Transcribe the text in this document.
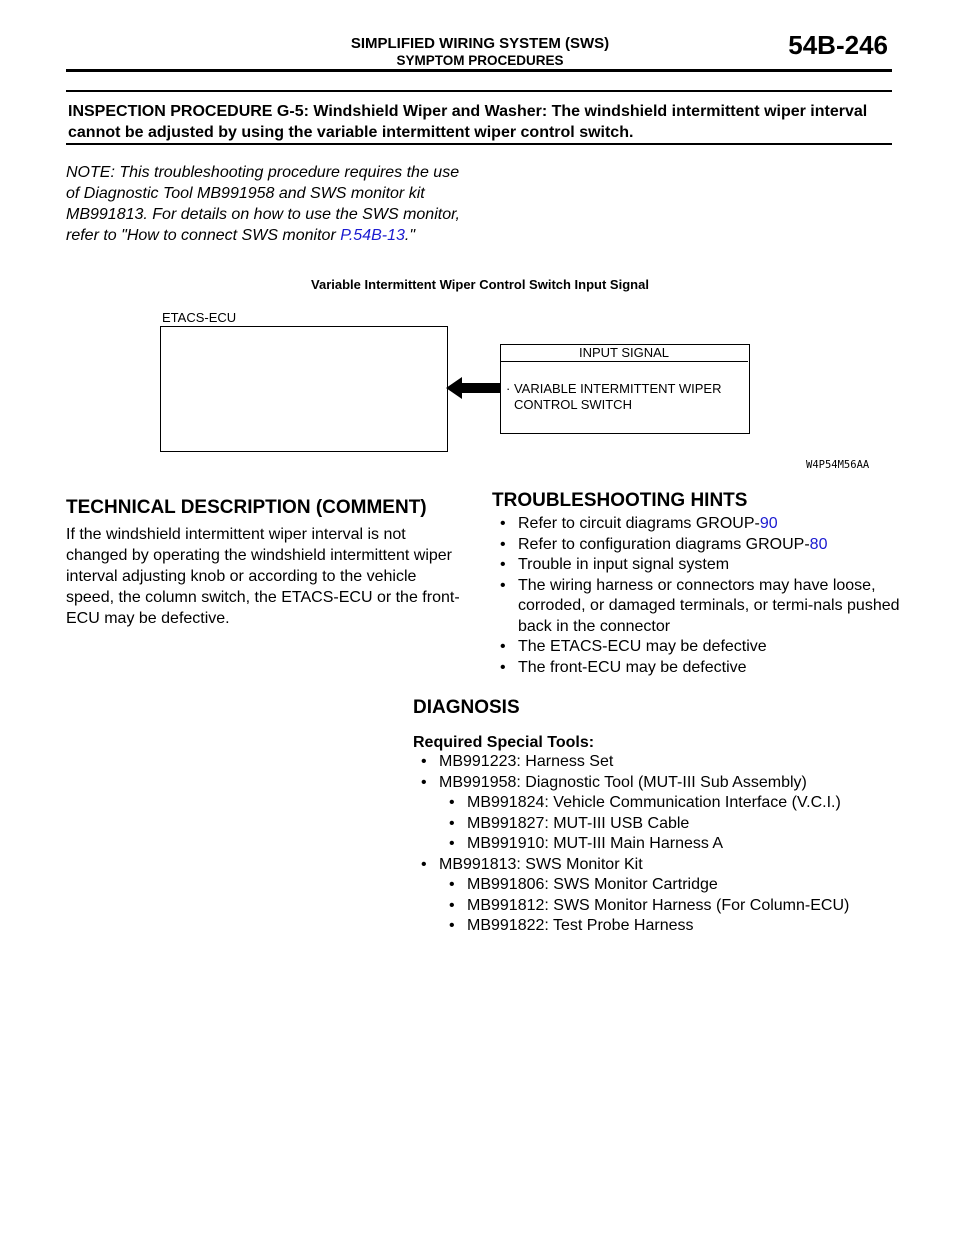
SIMPLIFIED WIRING SYSTEM (SWS)
SYMPTOM PROCEDURES
54B-246
INSPECTION PROCEDURE G-5: Windshield Wiper and Washer: The windshield intermittent wiper interval cannot be adjusted by using the variable intermittent wiper control switch.
NOTE: This troubleshooting procedure requires the use of Diagnostic Tool MB991958 and SWS monitor kit MB991813. For details on how to use the SWS monitor, refer to "How to connect SWS monitor P.54B-13."
Variable Intermittent Wiper Control Switch Input Signal
ETACS-ECU
INPUT SIGNAL
· VARIABLE INTERMITTENT WIPER
CONTROL SWITCH
W4P54M56AA
TECHNICAL DESCRIPTION (COMMENT)
If the windshield intermittent wiper interval is not changed by operating the windshield intermittent wiper interval adjusting knob or according to the vehicle speed, the column switch, the ETACS-ECU or the front-ECU may be defective.
TROUBLESHOOTING HINTS
• Refer to circuit diagrams GROUP-90
• Refer to configuration diagrams GROUP-80
• Trouble in input signal system
• The wiring harness or connectors may have loose, corroded, or damaged terminals, or termi-nals pushed back in the connector
• The ETACS-ECU may be defective
• The front-ECU may be defective
DIAGNOSIS
Required Special Tools:
• MB991223: Harness Set
• MB991958: Diagnostic Tool (MUT-III Sub Assembly)
• MB991824: Vehicle Communication Interface (V.C.I.)
• MB991827: MUT-III USB Cable
• MB991910: MUT-III Main Harness A
• MB991813: SWS Monitor Kit
• MB991806: SWS Monitor Cartridge
• MB991812: SWS Monitor Harness (For Column-ECU)
• MB991822: Test Probe Harness
